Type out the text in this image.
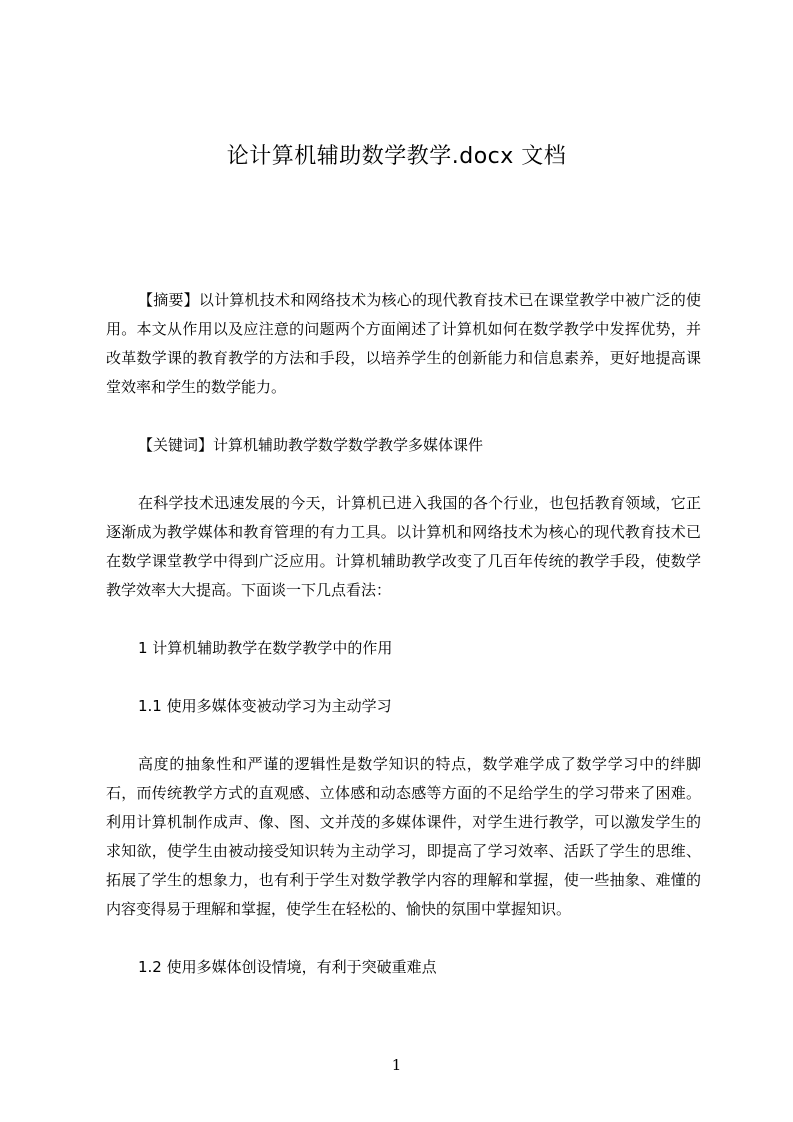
论计算机辅助数学教学.docx 文档

【摘要】以计算机技术和网络技术为核心的现代教育技术已在课堂教学中被广泛的使用。本文从作用以及应注意的问题两个方面阐述了计算机如何在数学教学中发挥优势，并改革数学课的教育教学的方法和手段，以培养学生的创新能力和信息素养，更好地提高课堂效率和学生的数学能力。

【关键词】计算机辅助教学数学数学教学多媒体课件

在科学技术迅速发展的今天，计算机已进入我国的各个行业，也包括教育领域，它正逐渐成为教学媒体和教育管理的有力工具。以计算机和网络技术为核心的现代教育技术已在数学课堂教学中得到广泛应用。计算机辅助教学改变了几百年传统的教学手段，使数学教学效率大大提高。下面谈一下几点看法：

1 计算机辅助教学在数学教学中的作用

1.1 使用多媒体变被动学习为主动学习

高度的抽象性和严谨的逻辑性是数学知识的特点，数学难学成了数学学习中的绊脚石，而传统教学方式的直观感、立体感和动态感等方面的不足给学生的学习带来了困难。利用计算机制作成声、像、图、文并茂的多媒体课件，对学生进行教学，可以激发学生的求知欲，使学生由被动接受知识转为主动学习，即提高了学习效率、活跃了学生的思维、拓展了学生的想象力，也有利于学生对数学教学内容的理解和掌握，使一些抽象、难懂的内容变得易于理解和掌握，使学生在轻松的、愉快的氛围中掌握知识。

1.2 使用多媒体创设情境，有利于突破重难点

1
